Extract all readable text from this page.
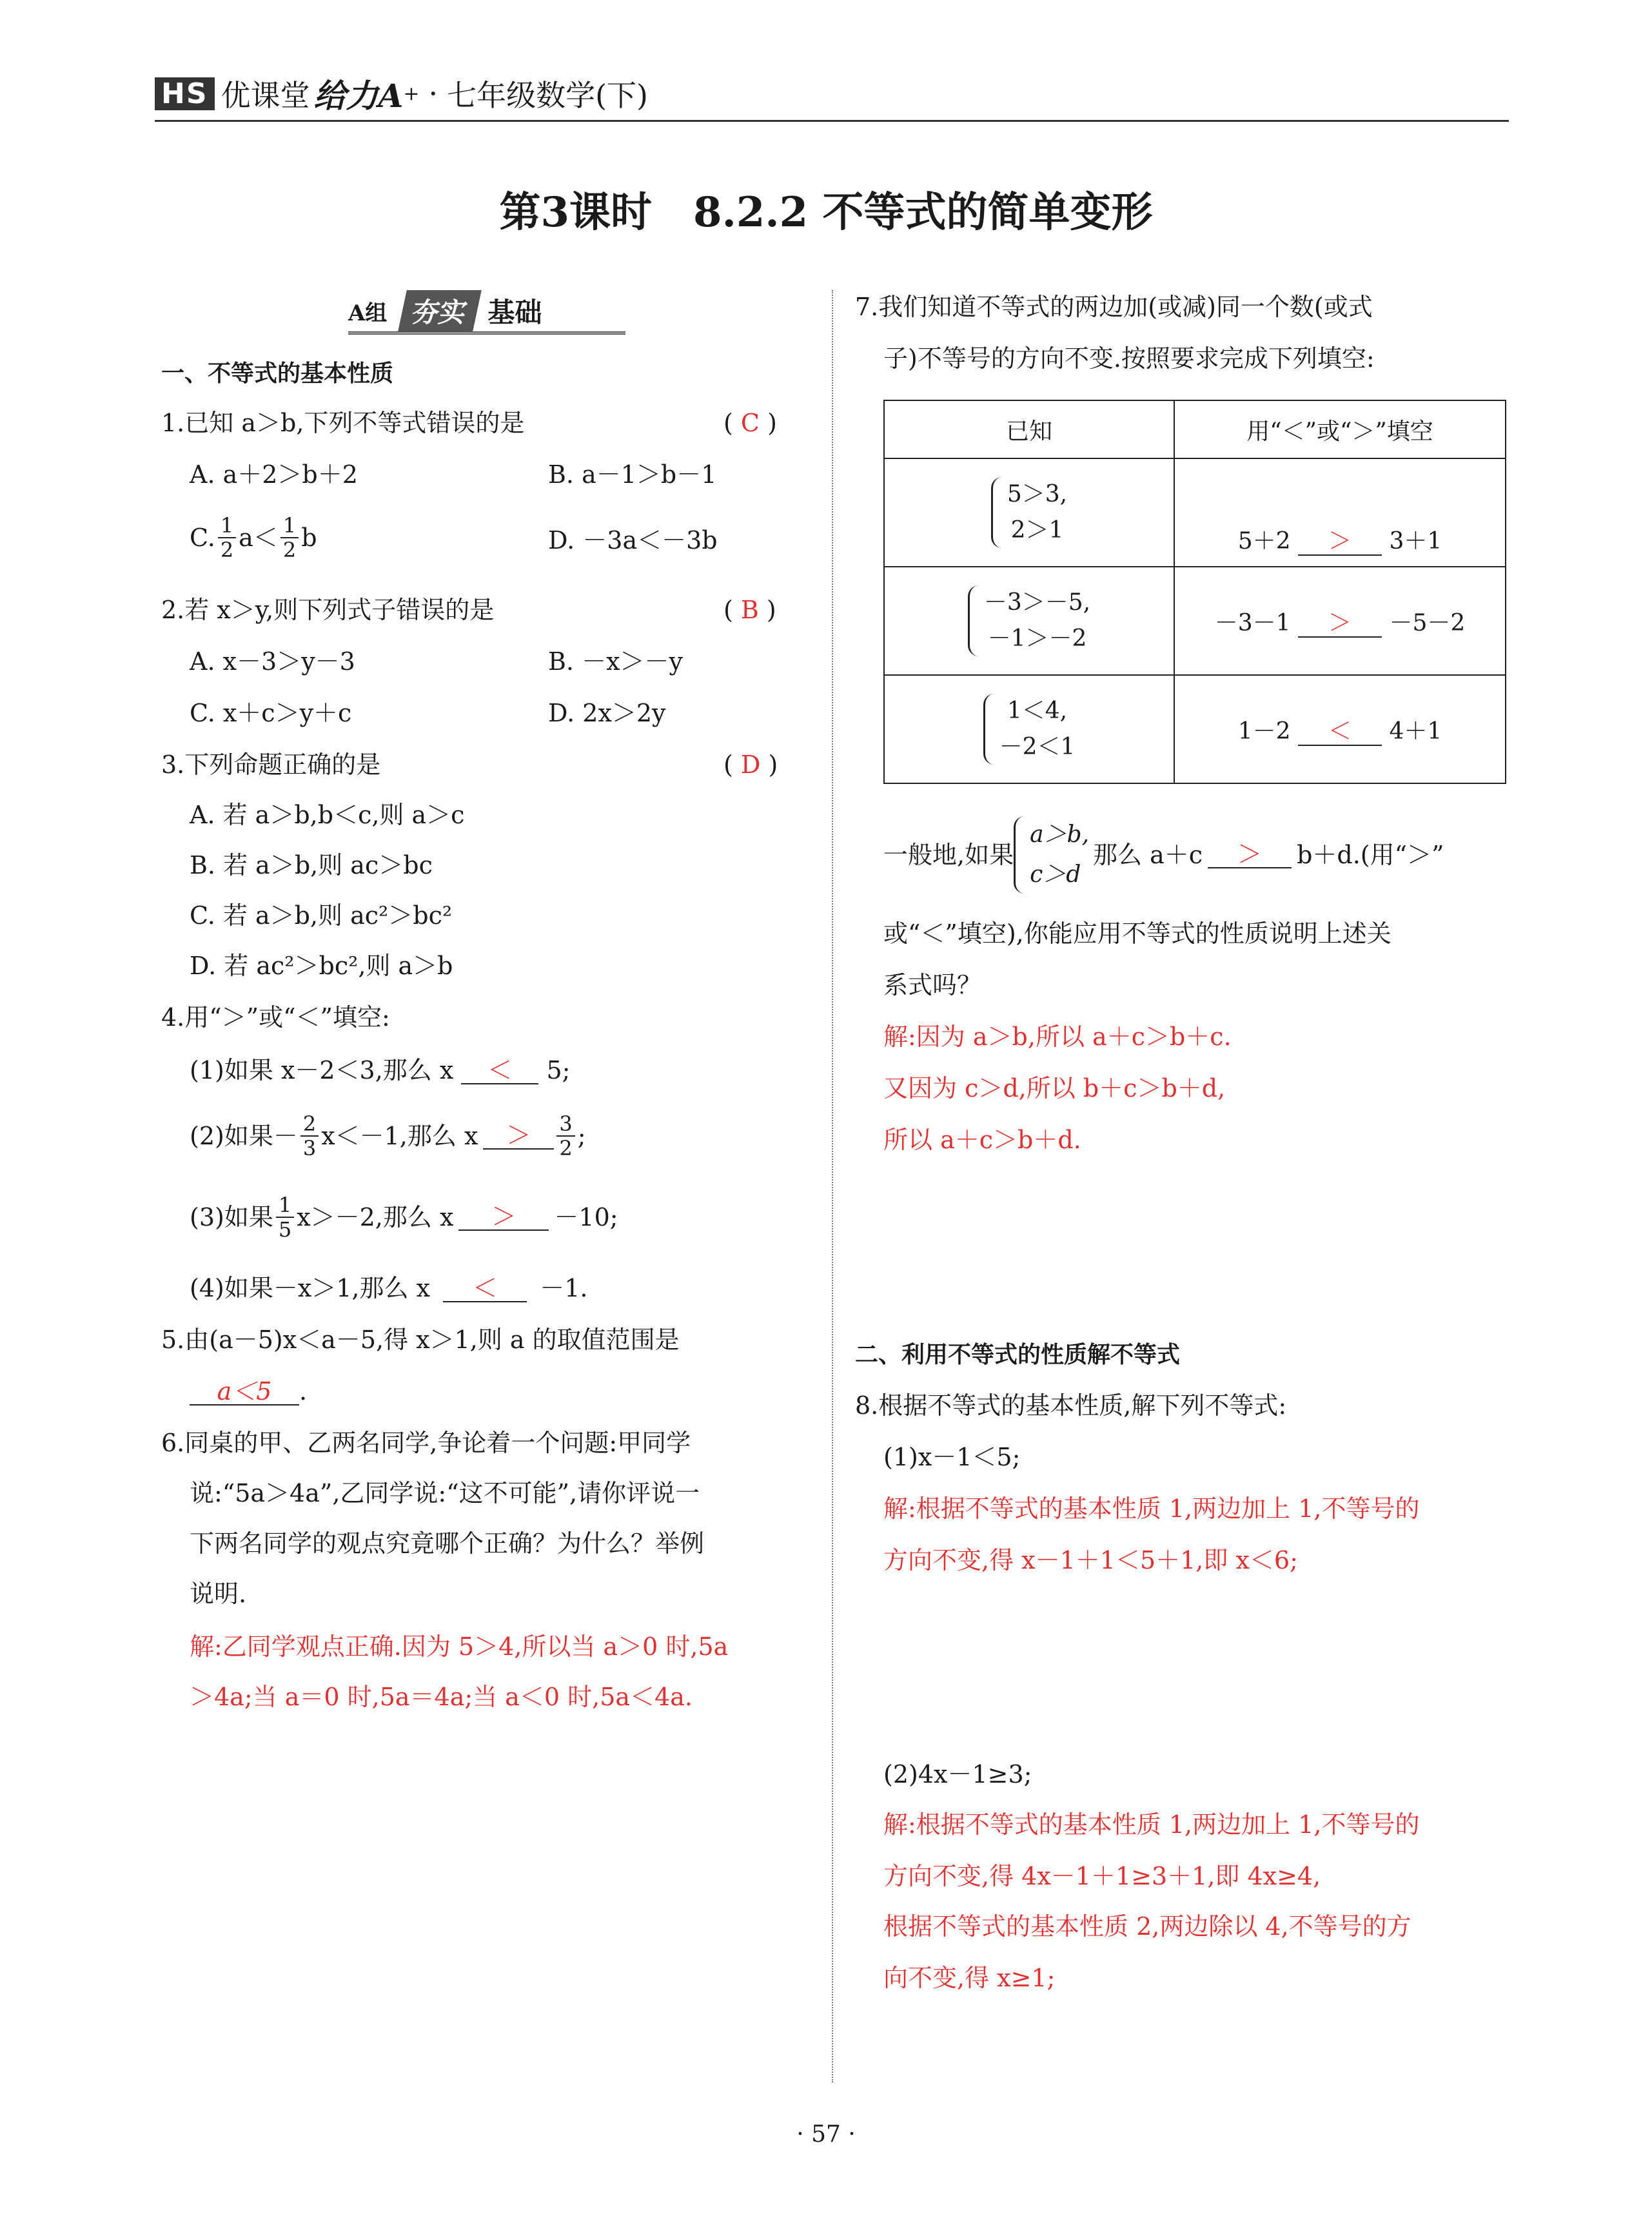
HS 优课堂 给力A + · 七年级数学(下)
第3课时　8.2.2 不等式的简单变形
A组 夯实 基础
一、不等式的基本性质
1.已知 a＞b,下列不等式错误的是	( C )
A. a＋2＞b＋2	B. a－1＞b－1
C. $\frac{1}{2} a< \frac{1}{2}$ b	D. －3a＜－3b
2.若 x＞y,则下列式子错误的是	( B )
A. x－3＞y－3	B. －x＞－y
C. x＋c＞y＋c	D. 2x＞2y
3.下列命题正确的是	( D )
A. 若 a＞b,b＜c,则 a＞c
B. 若 a＞b,则 ac＞bc
C. 若 a＞b,则 ac²＞bc²
D. 若 ac²＞bc²,则 a＞b
4.用“＞”或“＜”填空:
(1)如果 x－2＜3,那么 x ＜ 5;
(2)如果－ $\frac{2}{3} x<-1$,那么 x	＞	$\frac{3}{2}$ ;
(3)如果 $\frac{1}{5} x>-2$,那么 x	＞	－10;
(4)如果－x＞1,那么 x ＜ －1.
5.由(a－5)x＜a－5,得 x＞1,则 a 的取值范围是
a＜5 .
6.同桌的甲、乙两名同学,争论着一个问题:甲同学
说:“5a＞4a”,乙同学说:“这不可能”,请你评说一
下两名同学的观点究竟哪个正确？为什么？举例
说明.
解:乙同学观点正确.因为 5＞4,所以当 a＞0 时,5a
＞4a;当 a＝0 时,5a＝4a;当 a＜0 时,5a＜4a.
7.我们知道不等式的两边加(或减)同一个数(或式
子)不等号的方向不变.按照要求完成下列填空:
已知	用“＜”或“＞”填空

5＞3,
2＞1	5＋2 ＞ 3＋1

－3＞－5,
－1＞－2	－3－1 ＞ －5－2

1＜4,
－2＜1	1－2 ＜ 4＋1
一般地,如果
a＞b,
c＞d
那么 a＋c	＞	b＋d.(用“＞”
或“＜”填空),你能应用不等式的性质说明上述关
系式吗？
解:因为 a＞b,所以 a＋c＞b＋c.
又因为 c＞d,所以 b＋c＞b＋d,
所以 a＋c＞b＋d.
二、利用不等式的性质解不等式
8.根据不等式的基本性质,解下列不等式:
(1)x－1＜5;
解:根据不等式的基本性质 1,两边加上 1,不等号的
方向不变,得 x－1＋1＜5＋1,即 x＜6;
(2)4x－1≥3;
解:根据不等式的基本性质 1,两边加上 1,不等号的
方向不变,得 4x－1＋1≥3＋1,即 4x≥4,
根据不等式的基本性质 2,两边除以 4,不等号的方
向不变,得 x≥1;
· 57 ·
